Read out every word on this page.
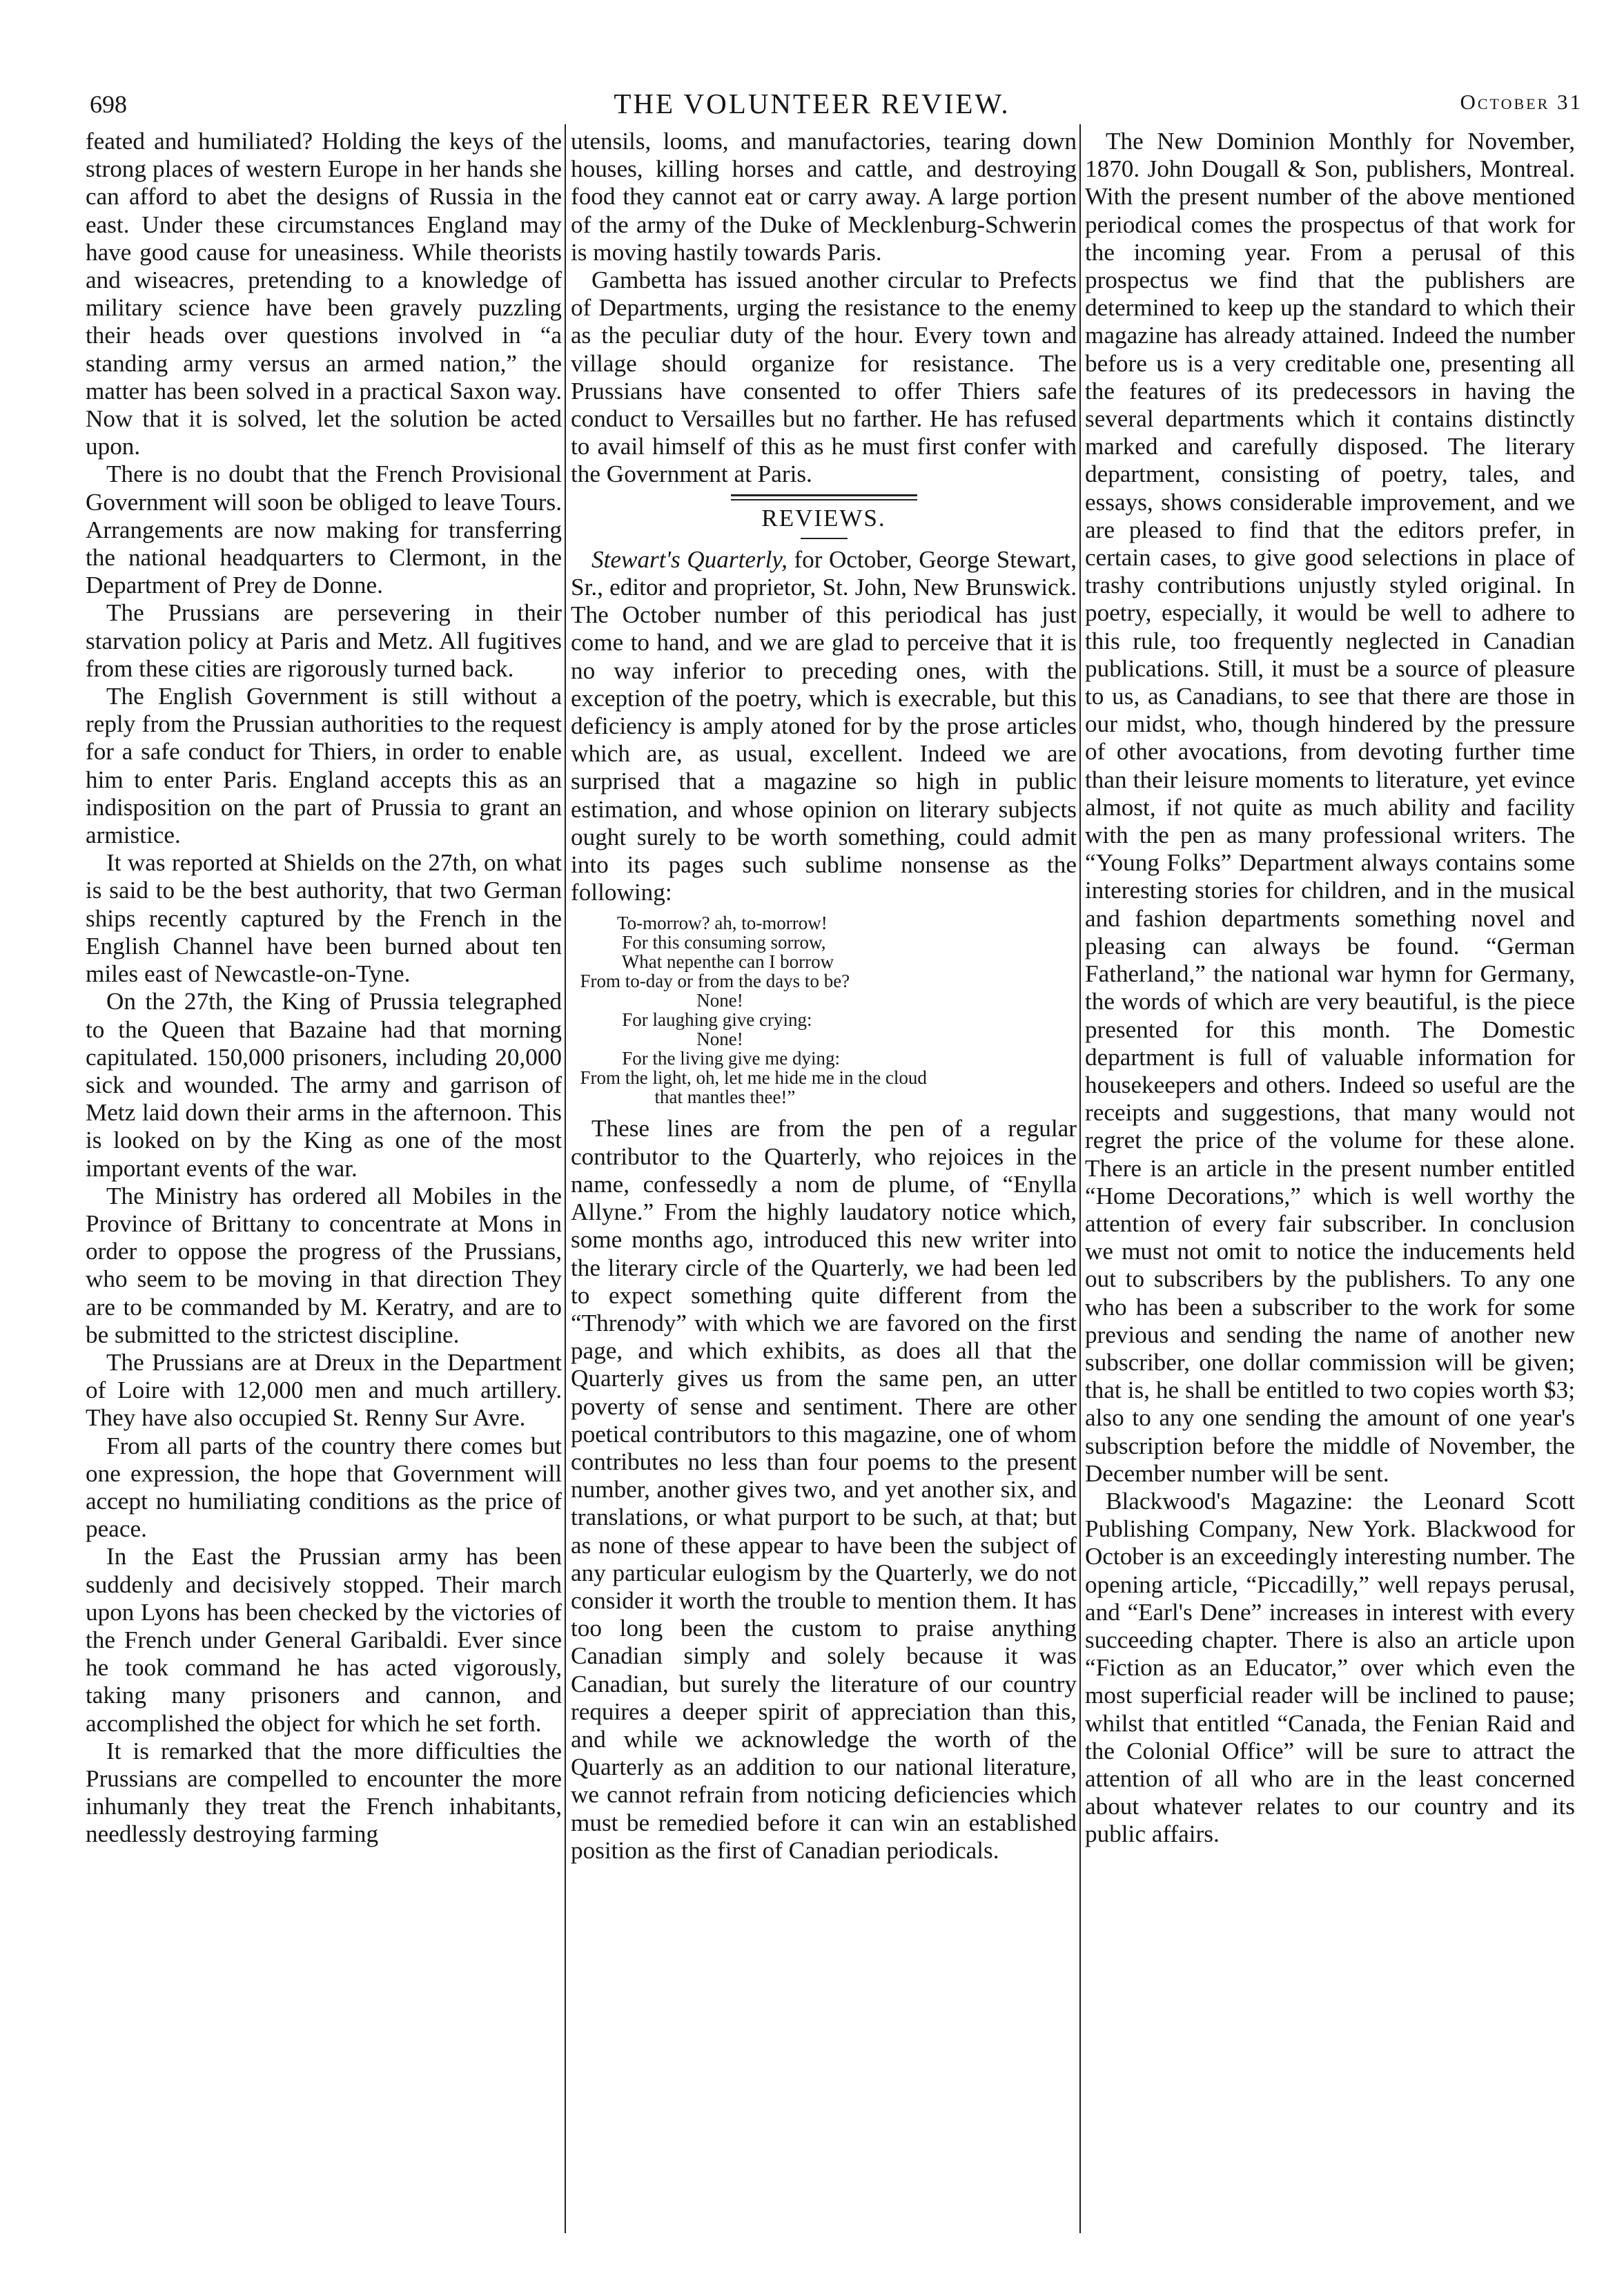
698	THE VOLUNTEER REVIEW.	October 31

feated and humiliated? Holding the keys of the strong places of western Europe in her hands she can afford to abet the designs of Russia in the east. Under these circumstances England may have good cause for uneasiness. While theorists and wiseacres, pretending to a knowledge of military science have been gravely puzzling their heads over questions involved in “a standing army versus an armed nation,” the matter has been solved in a practical Saxon way. Now that it is solved, let the solution be acted upon.

There is no doubt that the French Provisional Government will soon be obliged to leave Tours. Arrangements are now making for transferring the national headquarters to Clermont, in the Department of Prey de Donne.

The Prussians are persevering in their starvation policy at Paris and Metz. All fugitives from these cities are rigorously turned back.

The English Government is still without a reply from the Prussian authorities to the request for a safe conduct for Thiers, in order to enable him to enter Paris. England accepts this as an indisposition on the part of Prussia to grant an armistice.

It was reported at Shields on the 27th, on what is said to be the best authority, that two German ships recently captured by the French in the English Channel have been burned about ten miles east of Newcastle-on-Tyne.

On the 27th, the King of Prussia telegraphed to the Queen that Bazaine had that morning capitulated. 150,000 prisoners, including 20,000 sick and wounded. The army and garrison of Metz laid down their arms in the afternoon. This is looked on by the King as one of the most important events of the war.

The Ministry has ordered all Mobiles in the Province of Brittany to concentrate at Mons in order to oppose the progress of the Prussians, who seem to be moving in that direction They are to be commanded by M. Keratry, and are to be submitted to the strictest discipline.

The Prussians are at Dreux in the Department of Loire with 12,000 men and much artillery. They have also occupied St. Renny Sur Avre.

From all parts of the country there comes but one expression, the hope that Government will accept no humiliating conditions as the price of peace.

In the East the Prussian army has been suddenly and decisively stopped. Their march upon Lyons has been checked by the victories of the French under General Garibaldi. Ever since he took command he has acted vigorously, taking many prisoners and cannon, and accomplished the object for which he set forth.

It is remarked that the more difficulties the Prussians are compelled to encounter the more inhumanly they treat the French inhabitants, needlessly destroying farming

utensils, looms, and manufactories, tearing down houses, killing horses and cattle, and destroying food they cannot eat or carry away. A large portion of the army of the Duke of Mecklenburg-Schwerin is moving hastily towards Paris.

Gambetta has issued another circular to Prefects of Departments, urging the resistance to the enemy as the peculiar duty of the hour. Every town and village should organize for resistance. The Prussians have consented to offer Thiers safe conduct to Versailles but no farther. He has refused to avail himself of this as he must first confer with the Government at Paris.

REVIEWS.

Stewart's Quarterly, for October, George Stewart, Sr., editor and proprietor, St. John, New Brunswick. The October number of this periodical has just come to hand, and we are glad to perceive that it is no way inferior to preceding ones, with the exception of the poetry, which is execrable, but this deficiency is amply atoned for by the prose articles which are, as usual, excellent. Indeed we are surprised that a magazine so high in public estimation, and whose opinion on literary subjects ought surely to be worth something, could admit into its pages such sublime nonsense as the following:

To-morrow? ah, to-morrow!
For this consuming sorrow,
What nepenthe can I borrow
From to-day or from the days to be?
None!
For laughing give crying:
None!
For the living give me dying:
From the light, oh, let me hide me in the cloud
that mantles thee!”

These lines are from the pen of a regular contributor to the Quarterly, who rejoices in the name, confessedly a nom de plume, of “Enylla Allyne.” From the highly laudatory notice which, some months ago, introduced this new writer into the literary circle of the Quarterly, we had been led to expect something quite different from the “Threnody” with which we are favored on the first page, and which exhibits, as does all that the Quarterly gives us from the same pen, an utter poverty of sense and sentiment. There are other poetical contributors to this magazine, one of whom contributes no less than four poems to the present number, another gives two, and yet another six, and translations, or what purport to be such, at that; but as none of these appear to have been the subject of any particular eulogism by the Quarterly, we do not consider it worth the trouble to mention them. It has too long been the custom to praise anything Canadian simply and solely because it was Canadian, but surely the literature of our country requires a deeper spirit of appreciation than this, and while we acknowledge the worth of the Quarterly as an addition to our national literature, we cannot refrain from noticing deficiencies which must be remedied before it can win an established position as the first of Canadian periodicals.

The New Dominion Monthly for November, 1870. John Dougall & Son, publishers, Montreal. With the present number of the above mentioned periodical comes the prospectus of that work for the incoming year. From a perusal of this prospectus we find that the publishers are determined to keep up the standard to which their magazine has already attained. Indeed the number before us is a very creditable one, presenting all the features of its predecessors in having the several departments which it contains distinctly marked and carefully disposed. The literary department, consisting of poetry, tales, and essays, shows considerable improvement, and we are pleased to find that the editors prefer, in certain cases, to give good selections in place of trashy contributions unjustly styled original. In poetry, especially, it would be well to adhere to this rule, too frequently neglected in Canadian publications. Still, it must be a source of pleasure to us, as Canadians, to see that there are those in our midst, who, though hindered by the pressure of other avocations, from devoting further time than their leisure moments to literature, yet evince almost, if not quite as much ability and facility with the pen as many professional writers. The “Young Folks” Department always contains some interesting stories for children, and in the musical and fashion departments something novel and pleasing can always be found. “German Fatherland,” the national war hymn for Germany, the words of which are very beautiful, is the piece presented for this month. The Domestic department is full of valuable information for housekeepers and others. Indeed so useful are the receipts and suggestions, that many would not regret the price of the volume for these alone. There is an article in the present number entitled “Home Decorations,” which is well worthy the attention of every fair subscriber. In conclusion we must not omit to notice the inducements held out to subscribers by the publishers. To any one who has been a subscriber to the work for some previous and sending the name of another new subscriber, one dollar commission will be given; that is, he shall be entitled to two copies worth $3; also to any one sending the amount of one year's subscription before the middle of November, the December number will be sent.

Blackwood's Magazine: the Leonard Scott Publishing Company, New York. Blackwood for October is an exceedingly interesting number. The opening article, “Piccadilly,” well repays perusal, and “Earl's Dene” increases in interest with every succeeding chapter. There is also an article upon “Fiction as an Educator,” over which even the most superficial reader will be inclined to pause; whilst that entitled “Canada, the Fenian Raid and the Colonial Office” will be sure to attract the attention of all who are in the least concerned about whatever relates to our country and its public affairs.
